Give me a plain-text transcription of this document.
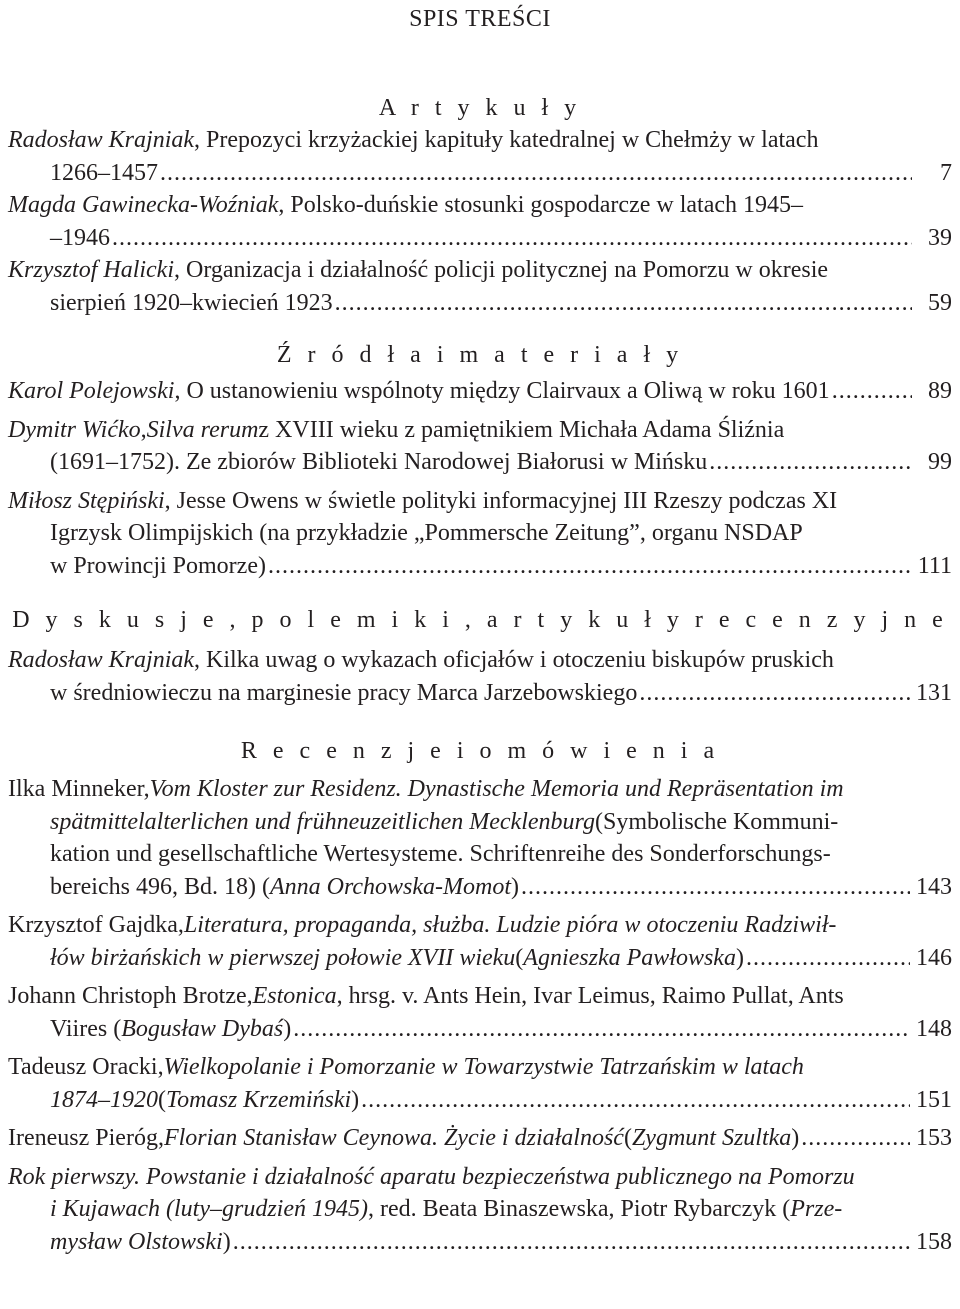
SPIS TREŚCI
A r t y k u ł y
Radosław Krajniak , Prepozyci krzyżackiej kapituły katedralnej w Chełmży w latach
1266–1457 .....	7
Magda Gawinecka-Woźniak , Polsko-duńskie stosunki gospodarcze w latach 1945–
–1946 .....	39
Krzysztof Halicki , Organizacja i działalność policji politycznej na Pomorzu w okresie
sierpień 1920–kwiecień 1923 .....	59
Ź r ó d ł a i m a t e r i a ł y
Karol Polejowski , O ustanowieniu wspólnoty między Clairvaux a Oliwą w roku 1601 .....	89
Dymitr Wićko , Silva rerum z XVIII wieku z pamiętnikiem Michała Adama Śliźnia
(1691–1752). Ze zbiorów Biblioteki Narodowej Białorusi w Mińsku .....	99
Miłosz Stępiński , Jesse Owens w świetle polityki informacyjnej III Rzeszy podczas XI
Igrzysk Olimpijskich (na przykładzie „Pommersche Zeitung”, organu NSDAP
w Prowincji Pomorze) .....	111
D y s k u s j e , p o l e m i k i , a r t y k u ł y r e c e n z y j n e
Radosław Krajniak , Kilka uwag o wykazach oficjałów i otoczeniu biskupów pruskich
w średniowieczu na marginesie pracy Marca Jarzebowskiego .....	131
R e c e n z j e i o m ó w i e n i a
Ilka Minneker, Vom Kloster zur Residenz. Dynastische Memoria und Repräsentation im
spätmittelalterlichen und frühneuzeitlichen Mecklenburg (Symbolische Kommuni-
kation und gesellschaftliche Wertesysteme. Schriftenreihe des Sonderforschungs-
bereichs 496, Bd. 18) ( Anna Orchowska-Momot ) .....	143
Krzysztof Gajdka, Literatura, propaganda, służba. Ludzie pióra w otoczeniu Radziwił-
łów birżańskich w pierwszej połowie XVII wieku ( Agnieszka Pawłowska ) .....	146
Johann Christoph Brotze, Estonica , hrsg. v. Ants Hein, Ivar Leimus, Raimo Pullat, Ants
Viires ( Bogusław Dybaś ) .....	148
Tadeusz Oracki, Wielkopolanie i Pomorzanie w Towarzystwie Tatrzańskim w latach
1874–1920 ( Tomasz Krzemiński ) .....	151
Ireneusz Pieróg, Florian Stanisław Ceynowa. Życie i działalność ( Zygmunt Szultka ) .....	153
Rok pierwszy. Powstanie i działalność aparatu bezpieczeństwa publicznego na Pomorzu
i Kujawach (luty–grudzień 1945) , red. Beata Binaszewska, Piotr Rybarczyk ( Prze-
mysław Olstowski ) .....	158
